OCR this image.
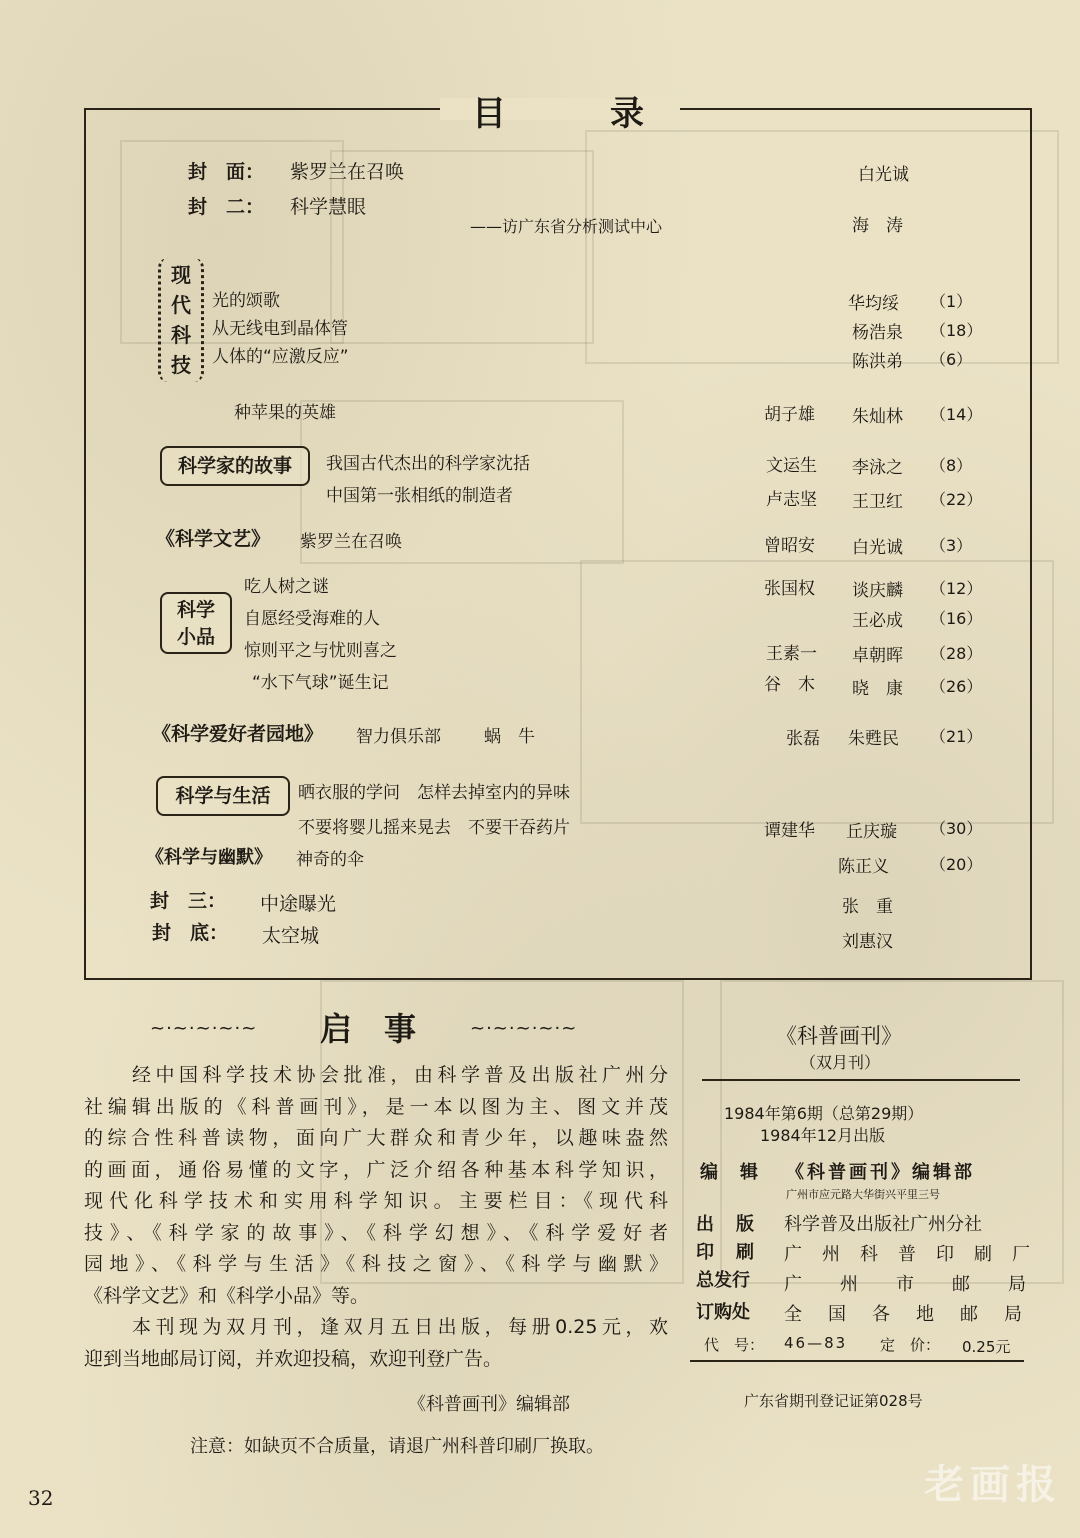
目	录
封　面： 紫罗兰在召唤	白光诚
封　二： 科学慧眼
——访广东省分析测试中心	海　涛
现
代
科
技
光的颂歌	华均绥 （1）
从无线电到晶体管	杨浩泉 （18）
人体的“应激反应”	陈洪弟 （6）
种苹果的英雄	胡子雄 朱灿林 （14）
科学家的故事	我国古代杰出的科学家沈括	文运生 李泳之 （8）
中国第一张相纸的制造者	卢志坚 王卫红 （22）
《科学文艺》 紫罗兰在召唤	曾昭安 白光诚 （3）
科学
小品
吃人树之谜	张国权 谈庆麟 （12）
自愿经受海难的人	王必成 （16）
惊则平之与忧则喜之	王素一 卓朝晖 （28）
“水下气球”诞生记	谷　木 晓　康 （26）
《科学爱好者园地》 智力俱乐部	蜗　牛	张磊 朱甦民 （21）
科学与生活	晒衣服的学问　怎样去掉室内的异味
不要将婴儿摇来晃去　不要干吞药片	谭建华 丘庆璇 （30）
《科学与幽默》 神奇的伞	陈正义	（20）
封　三： 中途曝光	张　重
封　底： 太空城	刘惠汉
~·~·~·~·~ 启　事	~·~·~·~·~

经中国科学技术协会批准，由科学普及出版社广州分

社编辑出版的《科普画刊》，是一本以图为主、图文并茂

的综合性科普读物，面向广大群众和青少年，以趣味盎然

的画面，通俗易懂的文字，广泛介绍各种基本科学知识，

现代化科学技术和实用科学知识。主要栏目：《现代科

技》、《科学家的故事》、《科学幻想》、《科学爱好者

园地》、《科学与生活》《科技之窗》、《科学与幽默》

《科学文艺》和《科学小品》等。

本刊现为双月刊，逢双月五日出版，每册0.25元，欢

迎到当地邮局订阅，并欢迎投稿，欢迎刊登广告。

《科普画刊》编辑部
注意：如缺页不合质量，请退广州科普印刷厂换取。
《科普画刊》
（双月刊）
1984年第6期（总第29期）
1984年12月出版
编　辑 《科普画刊》编辑部
广州市应元路大华街兴平里三号
出　版 科学普及出版社广州分社
印　刷 广州科普印刷厂
总发行 广州市邮局
订购处 全国各地邮局
代　号： 46—83 定　价： 0.25元
广东省期刊登记证第028号
32	老画报
